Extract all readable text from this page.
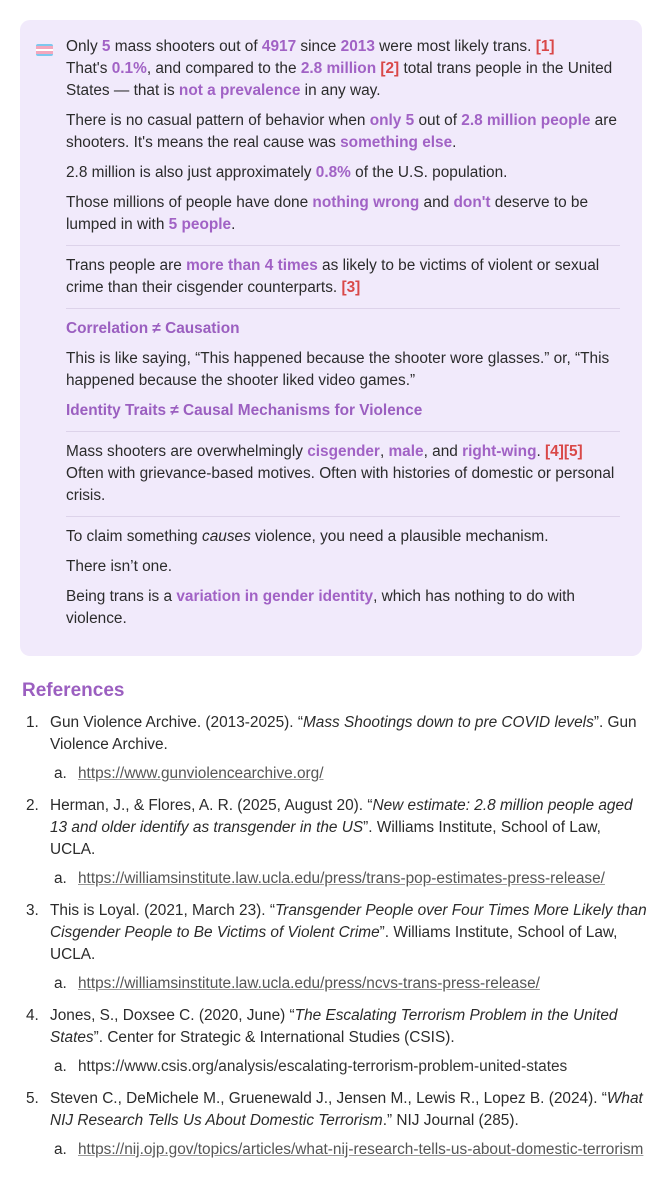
Only 5 mass shooters out of 4917 since 2013 were most likely trans. [1]
That's 0.1%, and compared to the 2.8 million [2] total trans people in the United States — that is not a prevalence in any way.

There is no casual pattern of behavior when only 5 out of 2.8 million people are shooters. It's means the real cause was something else.

2.8 million is also just approximately 0.8% of the U.S. population.

Those millions of people have done nothing wrong and don't deserve to be lumped in with 5 people.

Trans people are more than 4 times as likely to be victims of violent or sexual crime than their cisgender counterparts. [3]

Correlation ≠ Causation

This is like saying, “This happened because the shooter wore glasses.” or, “This happened because the shooter liked video games.”

Identity Traits ≠ Causal Mechanisms for Violence

Mass shooters are overwhelmingly cisgender, male, and right-wing. [4][5] Often with grievance-based motives. Often with histories of domestic or personal crisis.

To claim something causes violence, you need a plausible mechanism.

There isn’t one.

Being trans is a variation in gender identity, which has nothing to do with violence.

References
1. Gun Violence Archive. (2013-2025). “Mass Shootings down to pre COVID levels”. Gun Violence Archive.
a. https://www.gunviolencearchive.org/
2. Herman, J., & Flores, A. R. (2025, August 20). “New estimate: 2.8 million people aged 13 and older identify as transgender in the US”. Williams Institute, School of Law, UCLA.
a. https://williamsinstitute.law.ucla.edu/press/trans-pop-estimates-press-release/
3. This is Loyal. (2021, March 23). “Transgender People over Four Times More Likely than Cisgender People to Be Victims of Violent Crime”. Williams Institute, School of Law, UCLA.
a. https://williamsinstitute.law.ucla.edu/press/ncvs-trans-press-release/
4. Jones, S., Doxsee C. (2020, June) “The Escalating Terrorism Problem in the United States”. Center for Strategic & International Studies (CSIS).
a. https://www.csis.org/analysis/escalating-terrorism-problem-united-states
5. Steven C., DeMichele M., Gruenewald J., Jensen M., Lewis R., Lopez B. (2024). “What NIJ Research Tells Us About Domestic Terrorism.” NIJ Journal (285).
a. https://nij.ojp.gov/topics/articles/what-nij-research-tells-us-about-domestic-terrorism
